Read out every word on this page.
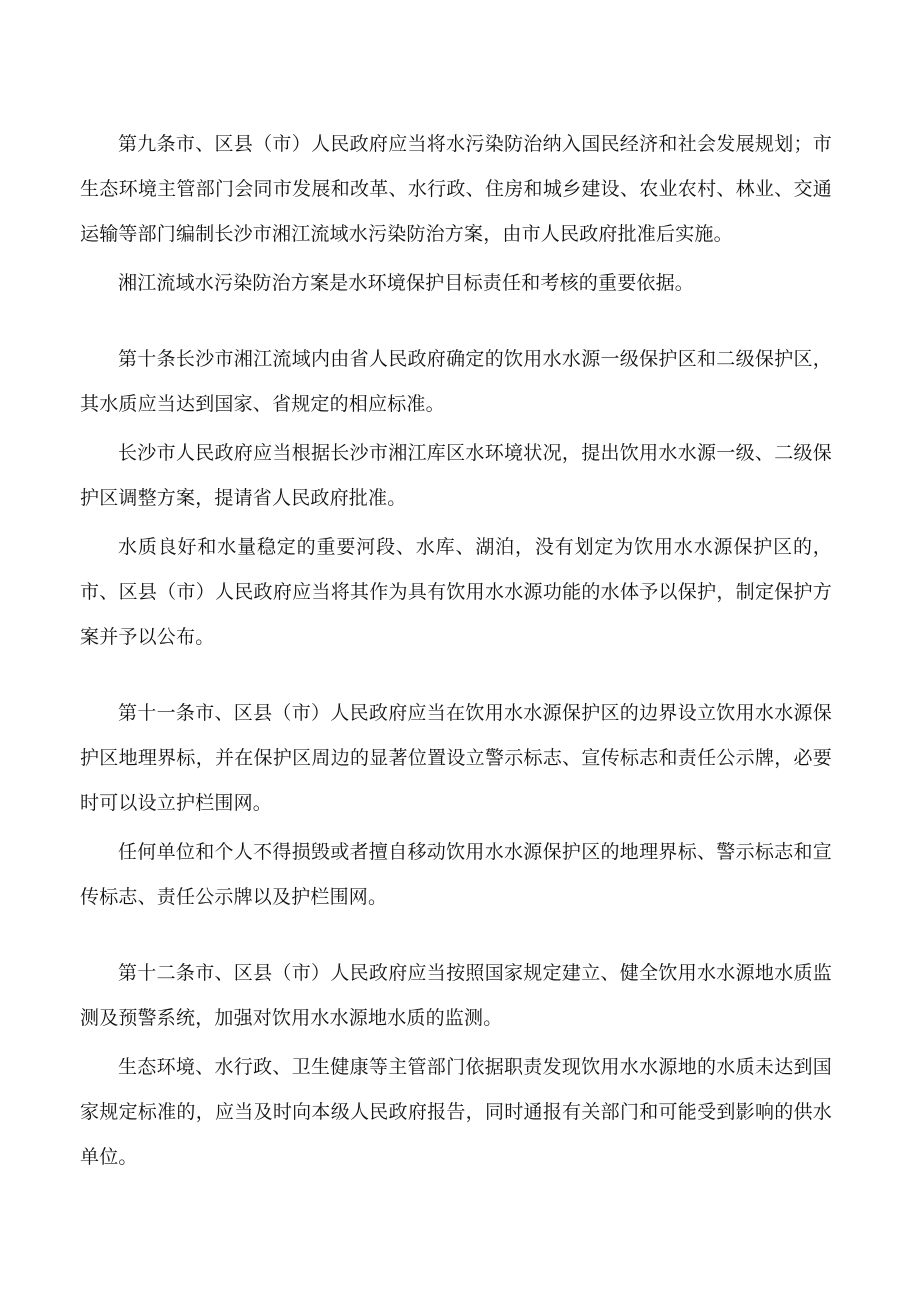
第九条市、区县（市）人民政府应当将水污染防治纳入国民经济和社会发展规划；市生态环境主管部门会同市发展和改革、水行政、住房和城乡建设、农业农村、林业、交通运输等部门编制长沙市湘江流域水污染防治方案，由市人民政府批准后实施。

湘江流域水污染防治方案是水环境保护目标责任和考核的重要依据。

第十条长沙市湘江流域内由省人民政府确定的饮用水水源一级保护区和二级保护区，其水质应当达到国家、省规定的相应标准。

长沙市人民政府应当根据长沙市湘江库区水环境状况，提出饮用水水源一级、二级保护区调整方案，提请省人民政府批准。

水质良好和水量稳定的重要河段、水库、湖泊，没有划定为饮用水水源保护区的，市、区县（市）人民政府应当将其作为具有饮用水水源功能的水体予以保护，制定保护方案并予以公布。

第十一条市、区县（市）人民政府应当在饮用水水源保护区的边界设立饮用水水源保护区地理界标，并在保护区周边的显著位置设立警示标志、宣传标志和责任公示牌，必要时可以设立护栏围网。

任何单位和个人不得损毁或者擅自移动饮用水水源保护区的地理界标、警示标志和宣传标志、责任公示牌以及护栏围网。

第十二条市、区县（市）人民政府应当按照国家规定建立、健全饮用水水源地水质监测及预警系统，加强对饮用水水源地水质的监测。

生态环境、水行政、卫生健康等主管部门依据职责发现饮用水水源地的水质未达到国家规定标准的，应当及时向本级人民政府报告，同时通报有关部门和可能受到影响的供水单位。
